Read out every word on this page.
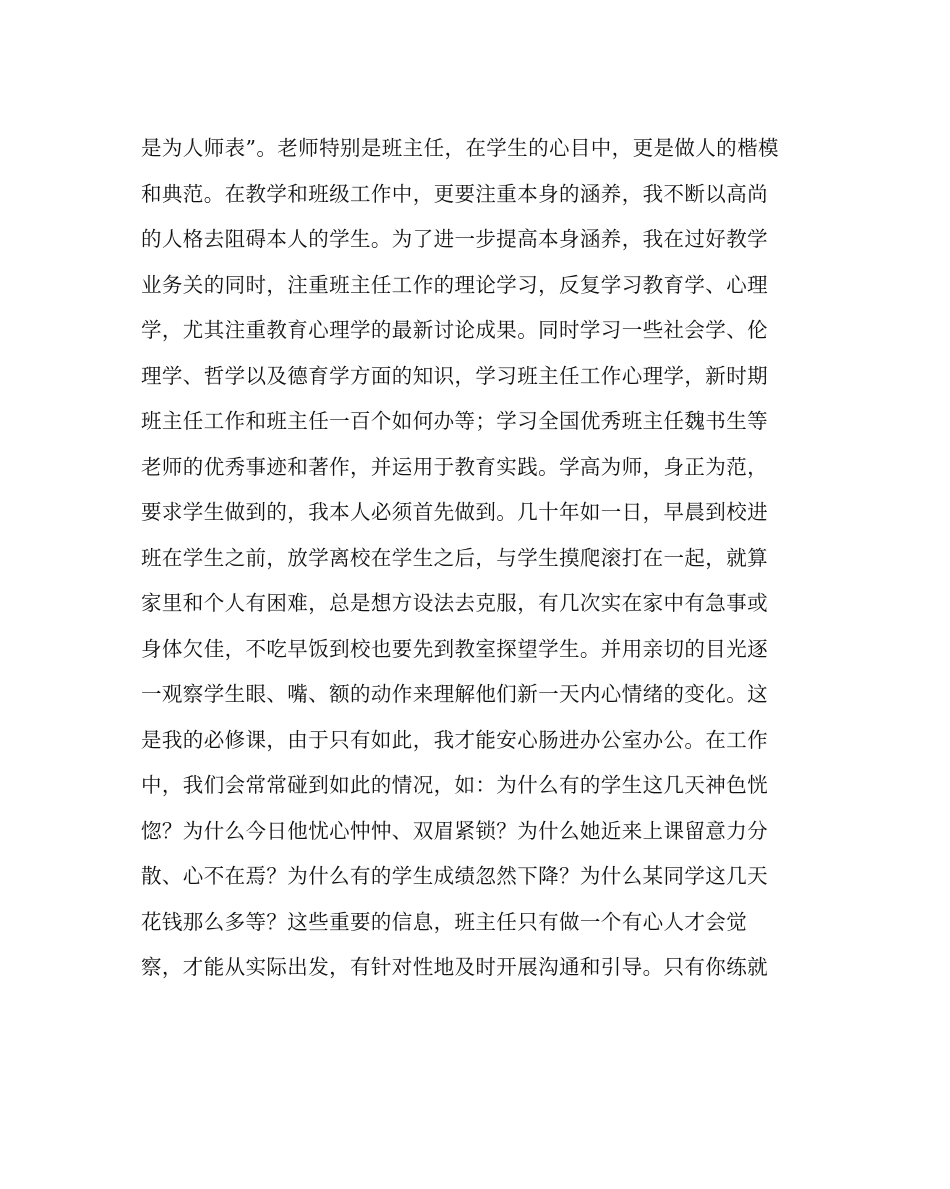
是为人师表”。老师特别是班主任，在学生的心目中，更是做人的楷模
和典范。在教学和班级工作中，更要注重本身的涵养，我不断以高尚
的人格去阻碍本人的学生。为了进一步提高本身涵养，我在过好教学
业务关的同时，注重班主任工作的理论学习，反复学习教育学、心理
学，尤其注重教育心理学的最新讨论成果。同时学习一些社会学、伦
理学、哲学以及德育学方面的知识，学习班主任工作心理学，新时期
班主任工作和班主任一百个如何办等；学习全国优秀班主任魏书生等
老师的优秀事迹和著作，并运用于教育实践。学高为师，身正为范，
要求学生做到的，我本人必须首先做到。几十年如一日，早晨到校进
班在学生之前，放学离校在学生之后，与学生摸爬滚打在一起，就算
家里和个人有困难，总是想方设法去克服，有几次实在家中有急事或
身体欠佳，不吃早饭到校也要先到教室探望学生。并用亲切的目光逐
一观察学生眼、嘴、额的动作来理解他们新一天内心情绪的变化。这
是我的必修课，由于只有如此，我才能安心肠进办公室办公。在工作
中，我们会常常碰到如此的情况，如：为什么有的学生这几天神色恍
惚？为什么今日他忧心忡忡、双眉紧锁？为什么她近来上课留意力分
散、心不在焉？为什么有的学生成绩忽然下降？为什么某同学这几天
花钱那么多等？这些重要的信息，班主任只有做一个有心人才会觉
察，才能从实际出发，有针对性地及时开展沟通和引导。只有你练就
